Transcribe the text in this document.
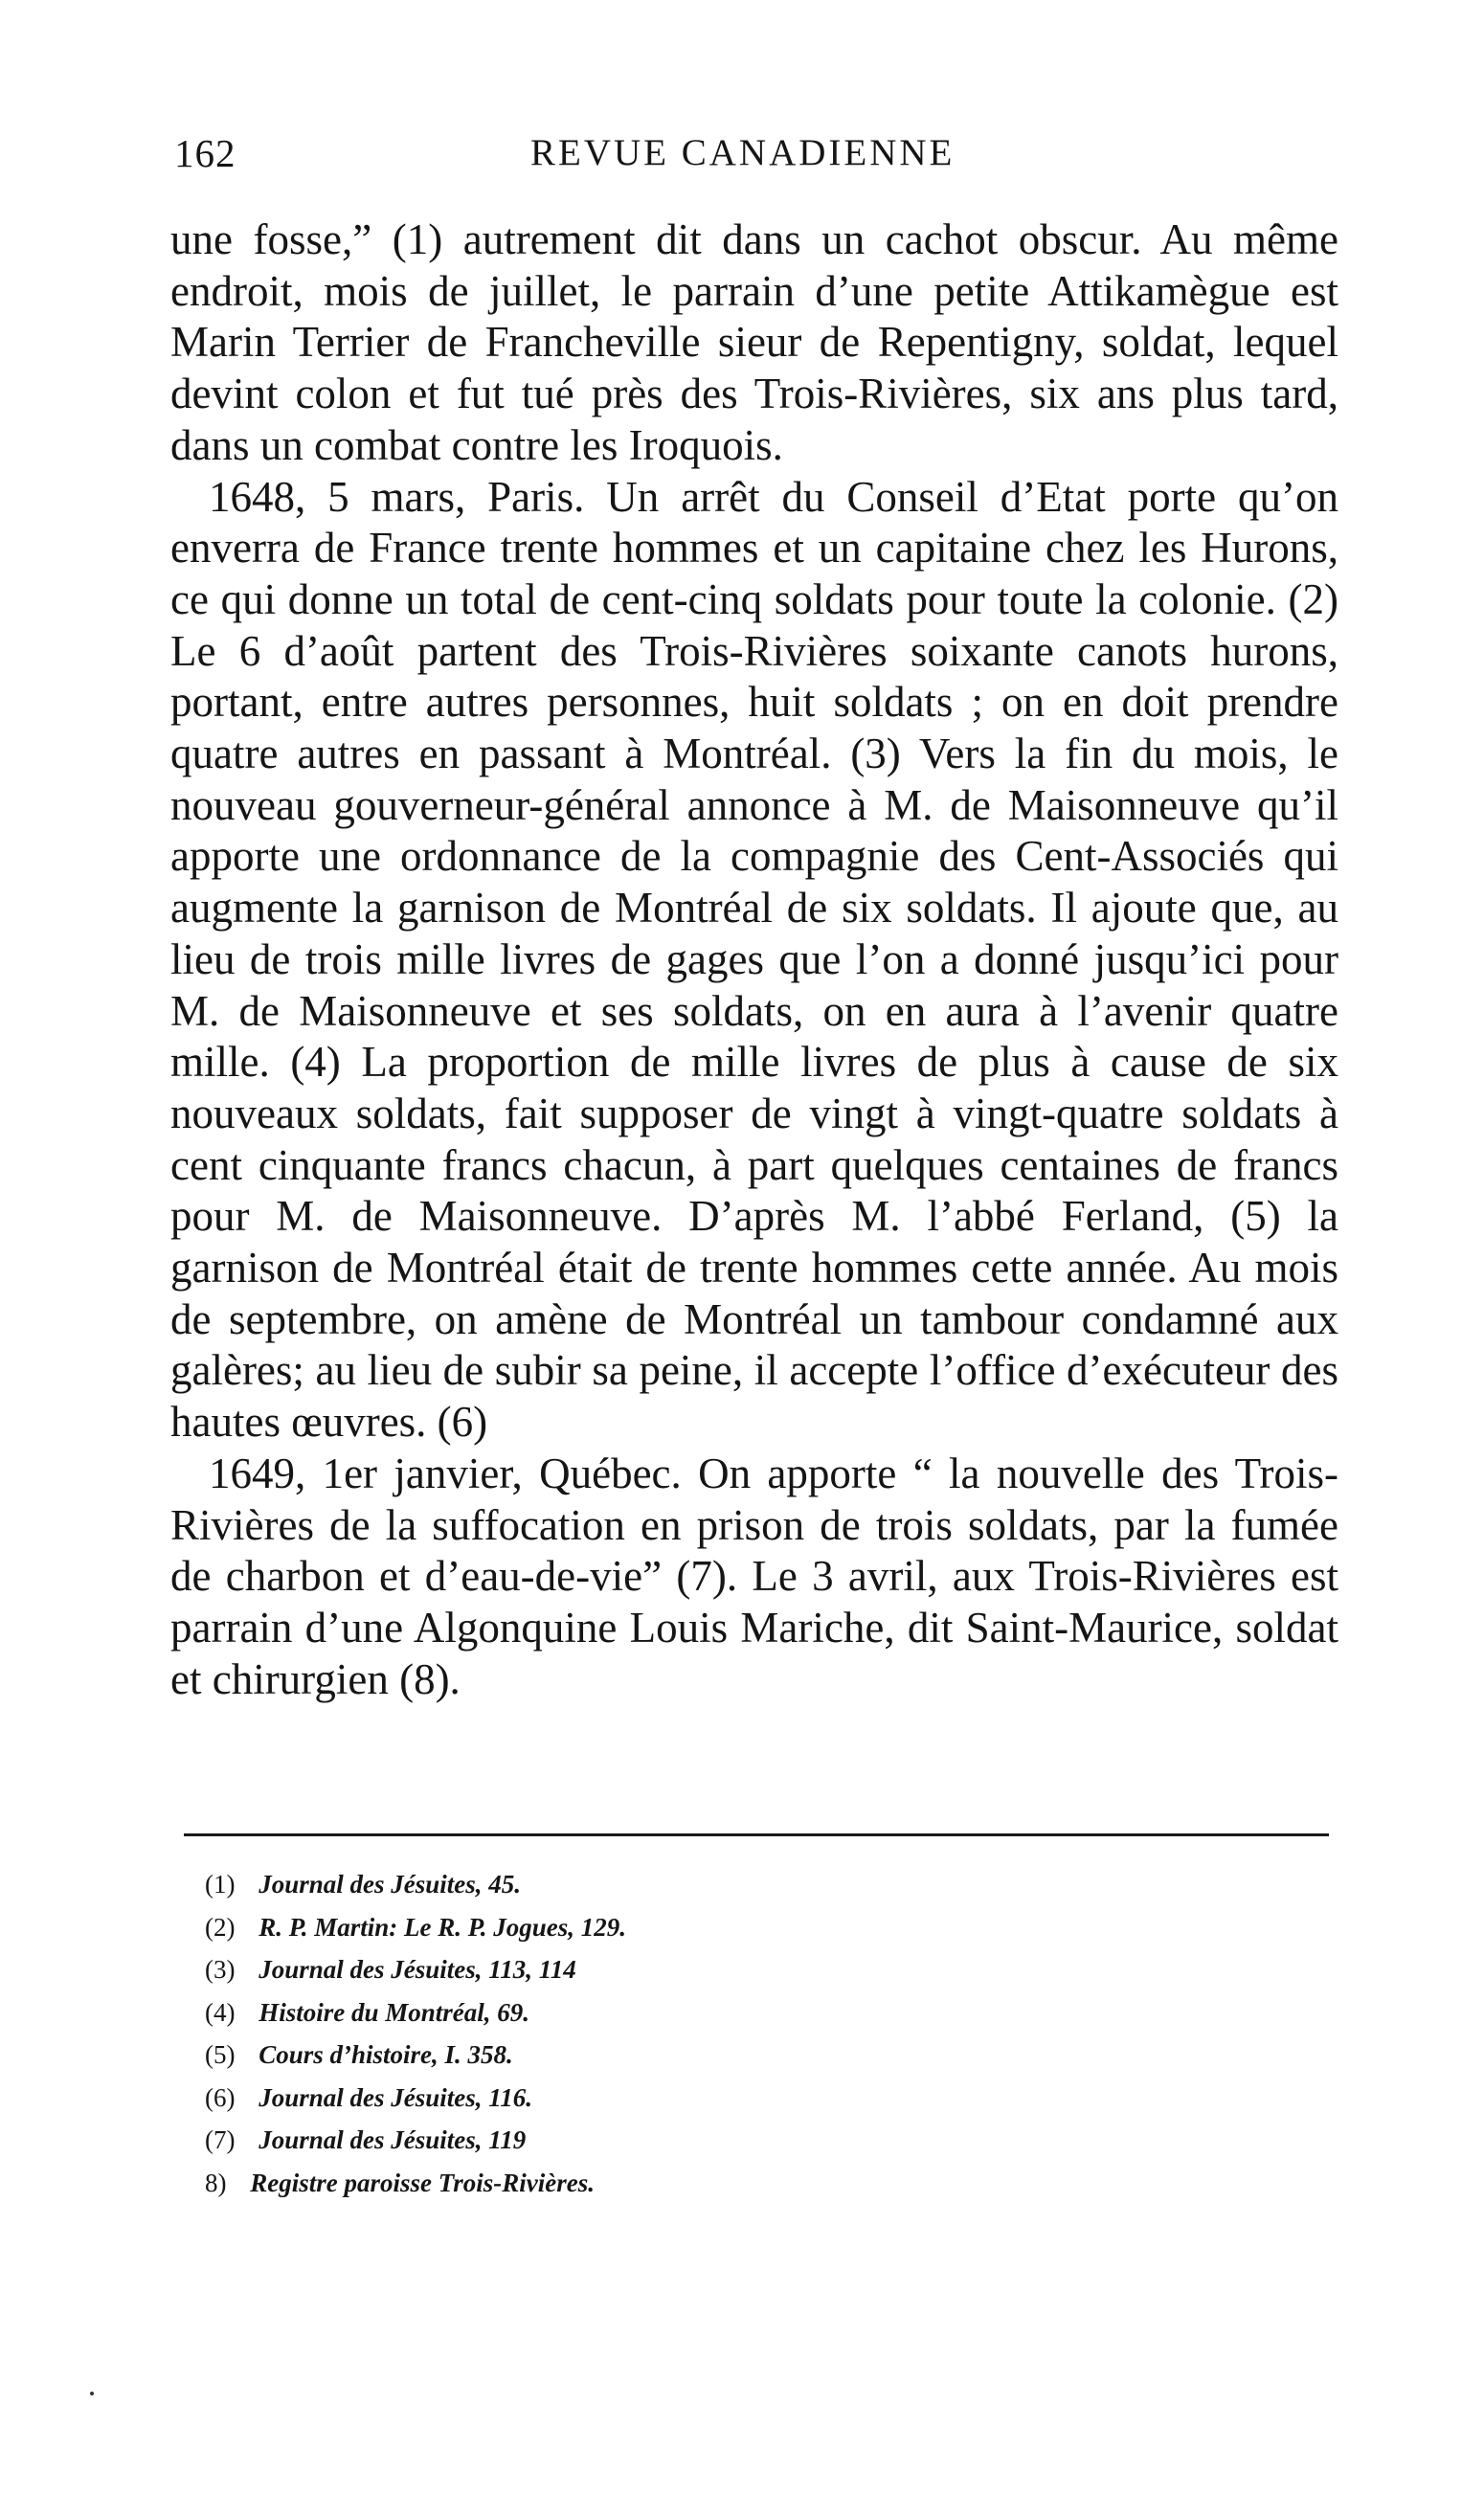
162	REVUE CANADIENNE

une fosse,” (1) autrement dit dans un cachot obscur. Au même endroit, mois de juillet, le parrain d’une petite Attikamègue est Marin Terrier de Francheville sieur de Repentigny, soldat, lequel devint colon et fut tué près des Trois-Rivières, six ans plus tard, dans un combat contre les Iroquois.

1648, 5 mars, Paris. Un arrêt du Conseil d’Etat porte qu’on enverra de France trente hommes et un capitaine chez les Hurons, ce qui donne un total de cent-cinq soldats pour toute la colonie. (2) Le 6 d’août partent des Trois-Rivières soixante canots hurons, portant, entre autres personnes, huit soldats ; on en doit prendre quatre autres en passant à Montréal. (3) Vers la fin du mois, le nouveau gouverneur-général annonce à M. de Maisonneuve qu’il apporte une ordonnance de la compagnie des Cent-Associés qui augmente la garnison de Montréal de six soldats. Il ajoute que, au lieu de trois mille livres de gages que l’on a donné jusqu’ici pour M. de Maisonneuve et ses soldats, on en aura à l’avenir quatre mille. (4) La proportion de mille livres de plus à cause de six nouveaux soldats, fait supposer de vingt à vingt-quatre soldats à cent cinquante francs chacun, à part quelques centaines de francs pour M. de Maisonneuve. D’après M. l’abbé Ferland, (5) la garnison de Montréal était de trente hommes cette année. Au mois de septembre, on amène de Montréal un tambour condamné aux galères; au lieu de subir sa peine, il accepte l’office d’exécuteur des hautes œuvres. (6)

1649, 1er janvier, Québec. On apporte “ la nouvelle des Trois-Rivières de la suffocation en prison de trois soldats, par la fumée de charbon et d’eau-de-vie” (7). Le 3 avril, aux Trois-Rivières est parrain d’une Algonquine Louis Mariche, dit Saint-Maurice, soldat et chirurgien (8).

(1) Journal des Jésuites, 45.
(2) R. P. Martin: Le R. P. Jogues, 129.
(3) Journal des Jésuites, 113, 114
(4) Histoire du Montréal, 69.
(5) Cours d’histoire, I. 358.
(6) Journal des Jésuites, 116.
(7) Journal des Jésuites, 119
8) Registre paroisse Trois-Rivières.
